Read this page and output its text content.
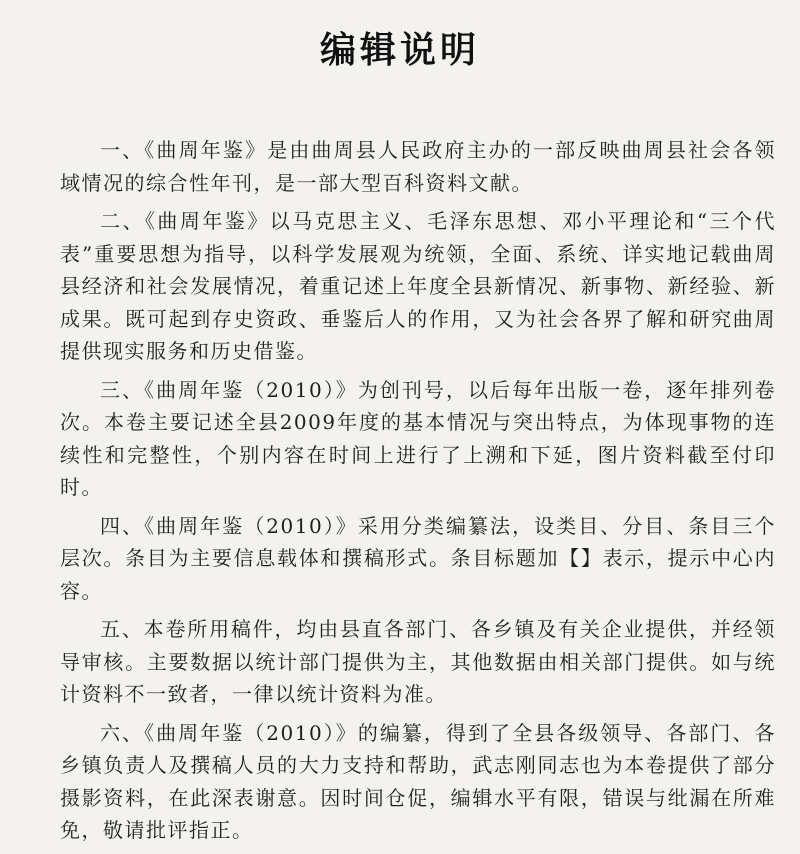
编辑说明

一、《曲周年鉴》是由曲周县人民政府主办的一部反映曲周县社会各领域情况的综合性年刊，是一部大型百科资料文献。

二、《曲周年鉴》以马克思主义、毛泽东思想、邓小平理论和“三个代表”重要思想为指导，以科学发展观为统领，全面、系统、详实地记载曲周县经济和社会发展情况，着重记述上年度全县新情况、新事物、新经验、新成果。既可起到存史资政、垂鉴后人的作用，又为社会各界了解和研究曲周提供现实服务和历史借鉴。

三、《曲周年鉴（2010）》为创刊号，以后每年出版一卷，逐年排列卷次。本卷主要记述全县2009年度的基本情况与突出特点，为体现事物的连续性和完整性，个别内容在时间上进行了上溯和下延，图片资料截至付印时。

四、《曲周年鉴（2010）》采用分类编纂法，设类目、分目、条目三个层次。条目为主要信息载体和撰稿形式。条目标题加【】表示，提示中心内容。

五、本卷所用稿件，均由县直各部门、各乡镇及有关企业提供，并经领导审核。主要数据以统计部门提供为主，其他数据由相关部门提供。如与统计资料不一致者，一律以统计资料为准。

六、《曲周年鉴（2010）》的编纂，得到了全县各级领导、各部门、各乡镇负责人及撰稿人员的大力支持和帮助，武志刚同志也为本卷提供了部分摄影资料，在此深表谢意。因时间仓促，编辑水平有限，错误与纰漏在所难免，敬请批评指正。
